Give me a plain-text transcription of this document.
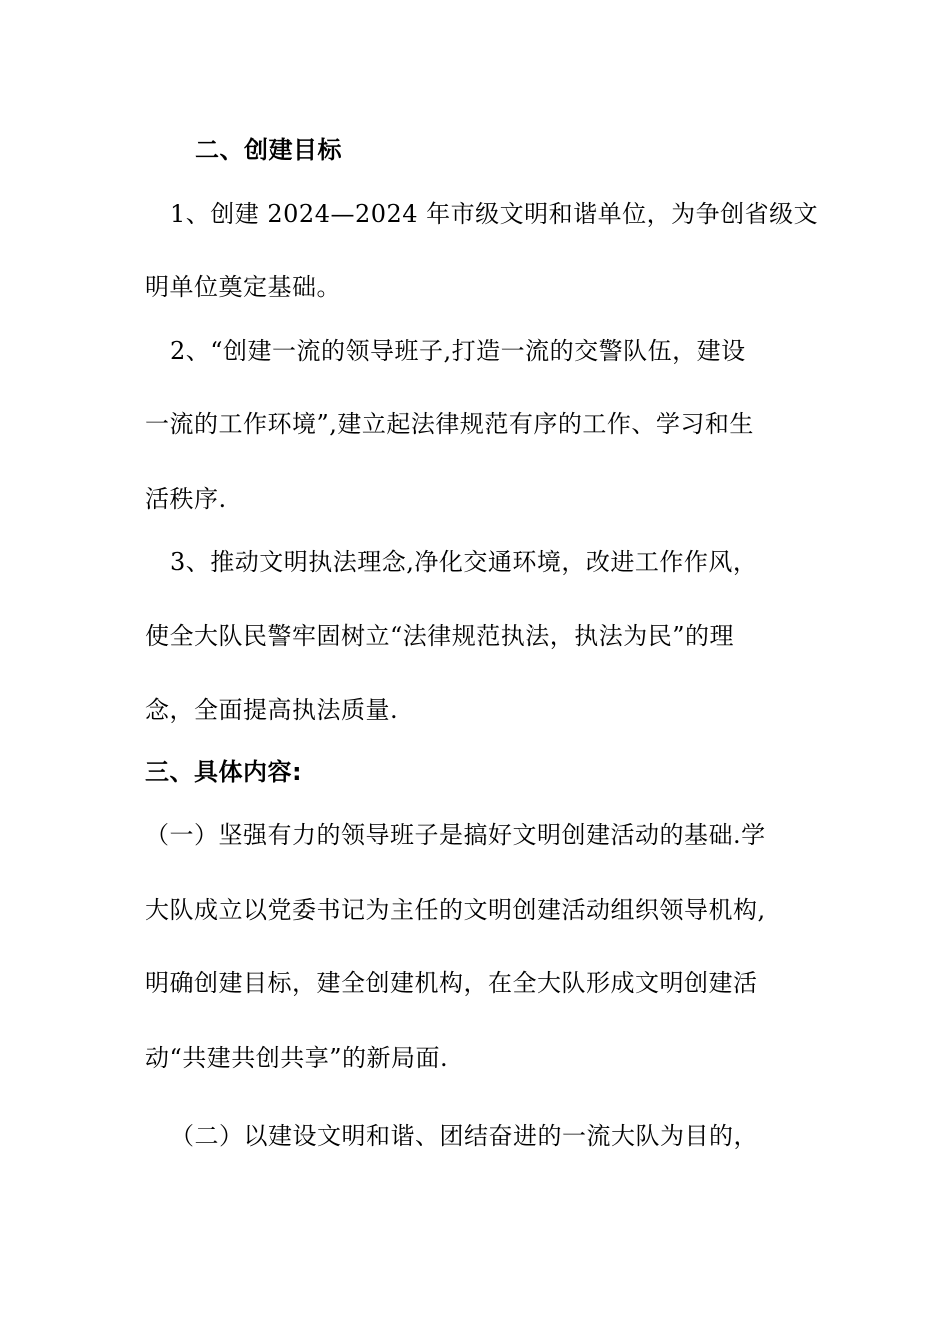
二、创建目标
1、创建 2024—2024 年市级文明和谐单位，为争创省级文
明单位奠定基础。
2、“创建一流的领导班子,打造一流的交警队伍，建设
一流的工作环境”,建立起法律规范有序的工作、学习和生
活秩序.
3、推动文明执法理念,净化交通环境，改进工作作风，
使全大队民警牢固树立“法律规范执法，执法为民”的理
念，全面提高执法质量.
三、具体内容:
（一）坚强有力的领导班子是搞好文明创建活动的基础.学
大队成立以党委书记为主任的文明创建活动组织领导机构,
明确创建目标，建全创建机构，在全大队形成文明创建活
动“共建共创共享”的新局面.
（二）以建设文明和谐、团结奋进的一流大队为目的，
